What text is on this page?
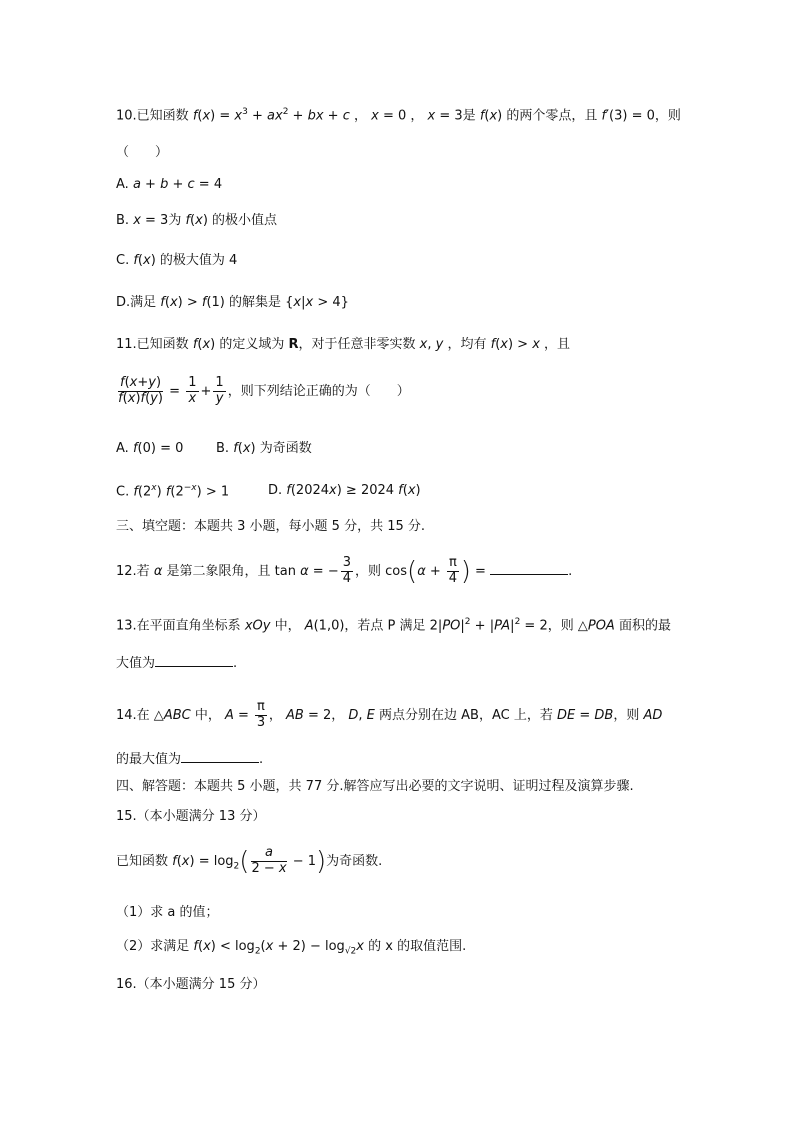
10.已知函数 $f(x) = x^3 + ax^2$ + bx + c ， x = 0 ， x = 3是 f(x) 的两个零点，且 f′(3) = 0，则
（　　）
A. a + b + c = 4
B. x = 3为 f(x) 的极小值点
C. f(x) 的极大值为 4
D.满足 f(x) > f(1) 的解集是 {x|x > 4}
11.已知函数 f(x) 的定义域为 R，对于任意非零实数 x, y ，均有 f(x) > x ，且
$\frac{f(x+y)}{f(x)f(y)} = \frac{1}{x} + \frac{1}{y}$ ，则下列结论正确的为（　　）
A. f(0) = 0	B. f(x) 为奇函数
C. f(2$^x$) $f(2^{-x}) > 1$	D. f(2024x) ≥ 2024 f(x)
三、填空题：本题共 3 小题，每小题 5 分，共 15 分.
12.若 α 是第二象限角，且 tan α = − $\frac{3}{4}$ ，则 $\cos(\alpha + \frac{\pi}{4}$ ) =	.
13.在平面直角坐标系 xOy 中， A(1,0)，若点 P 满足 $2|PO|^2 + |PA|^2 = 2$，则 △POA 面积的最
大值为	.
14.在 △ABC 中， $A = \frac{\pi}{3}$ ， AB = 2， D, E 两点分别在边 AB，AC 上，若 DE = DB，则 AD
的最大值为	.
四、解答题：本题共 5 小题，共 77 分.解答应写出必要的文字说明、证明过程及演算步骤.
15.（本小题满分 13 分）
已知函数 $f(x) = \log_2( \frac{a}{2 - x} - 1)$为奇函数.
（1）求 a 的值；
（2）求满足 $f(x) < \log_2(x + 2) - \log_{√2}x$ 的 x 的取值范围.
16.（本小题满分 15 分）
